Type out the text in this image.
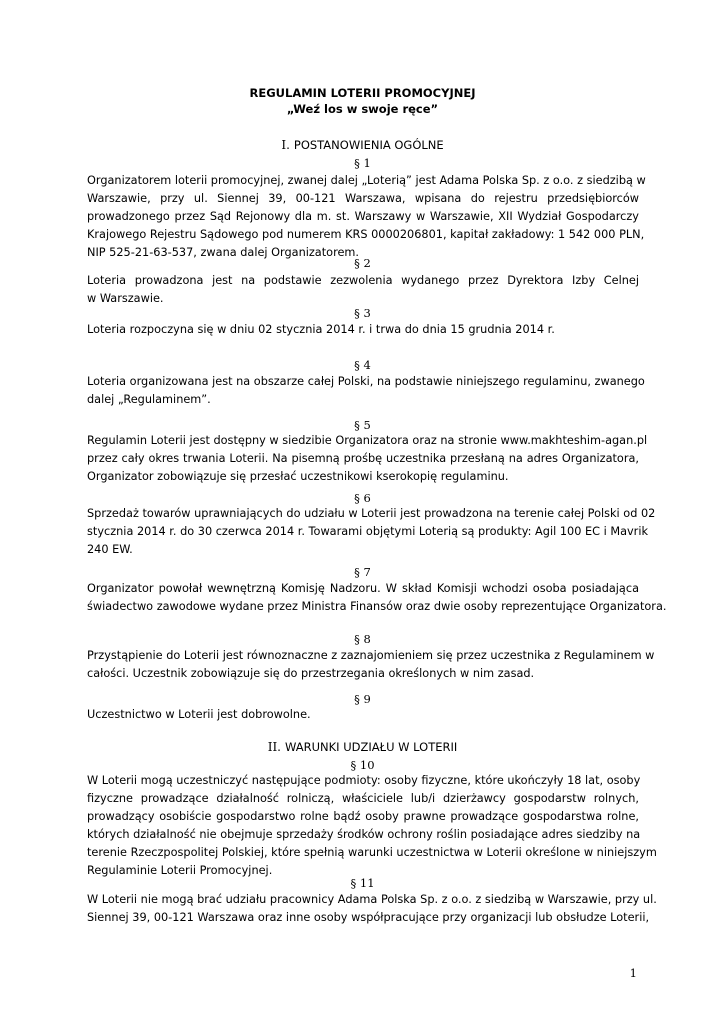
REGULAMIN LOTERII PROMOCYJNEJ
„Weź los w swoje ręce”
I. POSTANOWIENIA OGÓLNE
§ 1
Organizatorem loterii promocyjnej, zwanej dalej „Loterią” jest Adama Polska Sp. z o.o. z siedzibą w
Warszawie, przy ul. Siennej 39, 00-121 Warszawa, wpisana do rejestru przedsiębiorców
prowadzonego przez Sąd Rejonowy dla m. st. Warszawy w Warszawie, XII Wydział Gospodarczy
Krajowego Rejestru Sądowego pod numerem KRS 0000206801, kapitał zakładowy: 1 542 000 PLN,
NIP 525-21-63-537, zwana dalej Organizatorem.
§ 2
Loteria prowadzona jest na podstawie zezwolenia wydanego przez Dyrektora Izby Celnej
w Warszawie.
§ 3
Loteria rozpoczyna się w dniu 02 stycznia 2014 r. i trwa do dnia 15 grudnia 2014 r.
§ 4
Loteria organizowana jest na obszarze całej Polski, na podstawie niniejszego regulaminu, zwanego
dalej „Regulaminem”.
§ 5
Regulamin Loterii jest dostępny w siedzibie Organizatora oraz na stronie www.makhteshim-agan.pl
przez cały okres trwania Loterii. Na pisemną prośbę uczestnika przesłaną na adres Organizatora,
Organizator zobowiązuje się przesłać uczestnikowi kserokopię regulaminu.
§ 6
Sprzedaż towarów uprawniających do udziału w Loterii jest prowadzona na terenie całej Polski od 02
stycznia 2014 r. do 30 czerwca 2014 r. Towarami objętymi Loterią są produkty: Agil 100 EC i Mavrik
240 EW.
§ 7
Organizator powołał wewnętrzną Komisję Nadzoru. W skład Komisji wchodzi osoba posiadająca
świadectwo zawodowe wydane przez Ministra Finansów oraz dwie osoby reprezentujące Organizatora.
§ 8
Przystąpienie do Loterii jest równoznaczne z zaznajomieniem się przez uczestnika z Regulaminem w
całości. Uczestnik zobowiązuje się do przestrzegania określonych w nim zasad.
§ 9
Uczestnictwo w Loterii jest dobrowolne.
II. WARUNKI UDZIAŁU W LOTERII
§ 10
W Loterii mogą uczestniczyć następujące podmioty: osoby fizyczne, które ukończyły 18 lat, osoby
fizyczne prowadzące działalność rolniczą, właściciele lub/i dzierżawcy gospodarstw rolnych,
prowadzący osobiście gospodarstwo rolne bądź osoby prawne prowadzące gospodarstwa rolne,
których działalność nie obejmuje sprzedaży środków ochrony roślin posiadające adres siedziby na
terenie Rzeczpospolitej Polskiej, które spełnią warunki uczestnictwa w Loterii określone w niniejszym
Regulaminie Loterii Promocyjnej.
§ 11
W Loterii nie mogą brać udziału pracownicy Adama Polska Sp. z o.o. z siedzibą w Warszawie, przy ul.
Siennej 39, 00-121 Warszawa oraz inne osoby współpracujące przy organizacji lub obsłudze Loterii,
1
